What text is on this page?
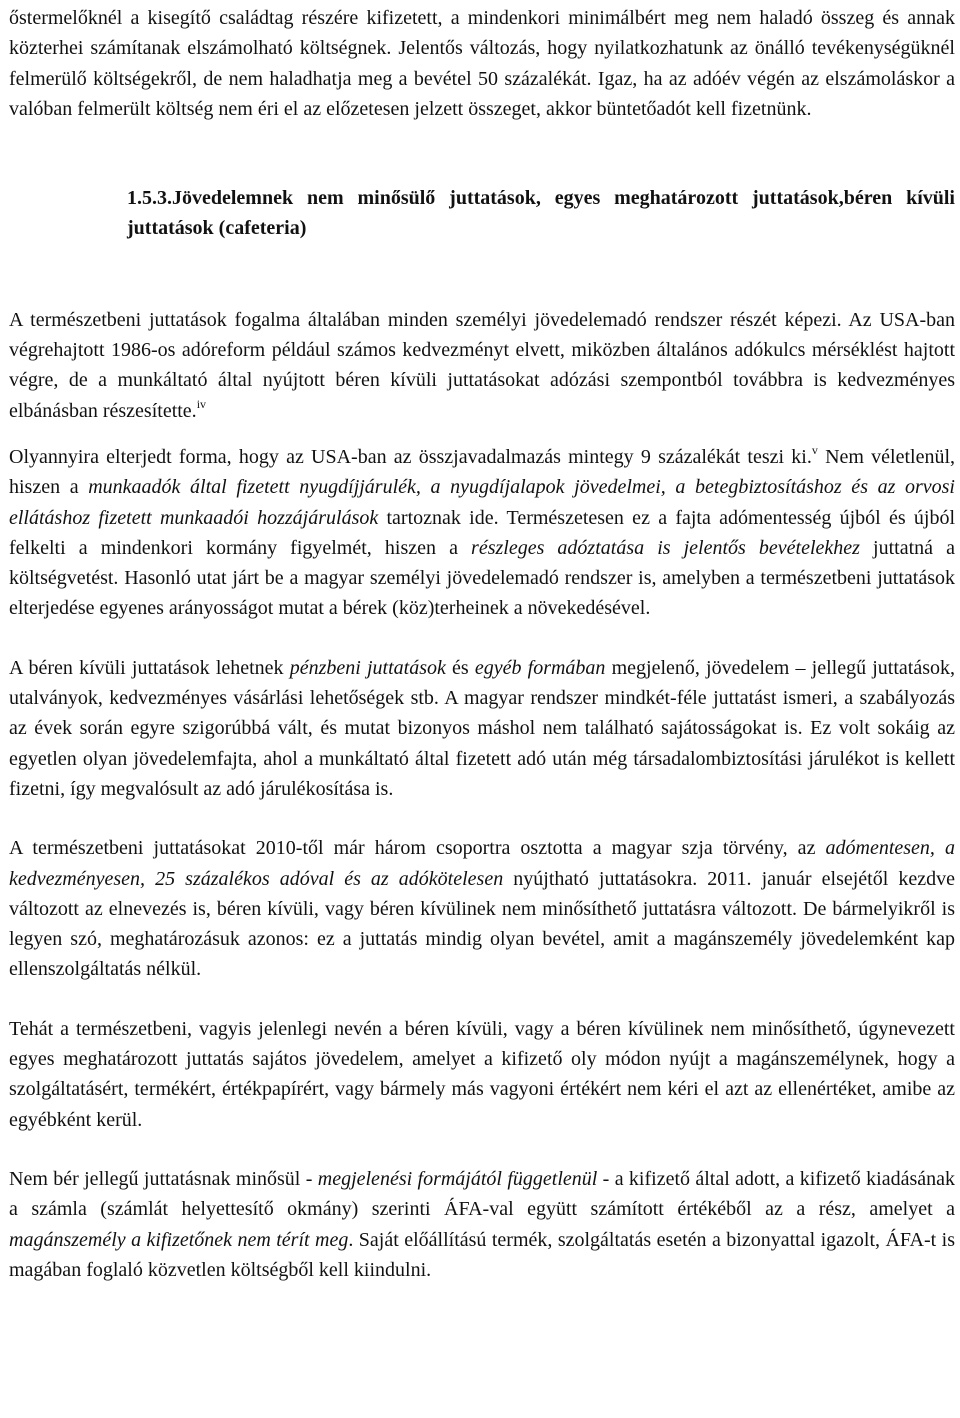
őstermelőknél a kisegítő családtag részére kifizetett, a mindenkori minimálbért meg nem haladó összeg és annak közterhei számítanak elszámolható költségnek. Jelentős változás, hogy nyilatkozhatunk az önálló tevékenységüknél felmerülő költségekről, de nem haladhatja meg a bevétel 50 százalékát. Igaz, ha az adóév végén az elszámoláskor a valóban felmerült költség nem éri el az előzetesen jelzett összeget, akkor büntetőadót kell fizetnünk.

1.5.3.Jövedelemnek nem minősülő juttatások, egyes meghatározott juttatások,béren kívüli juttatások (cafeteria)

A természetbeni juttatások fogalma általában minden személyi jövedelemadó rendszer részét képezi. Az USA-ban végrehajtott 1986-os adóreform például számos kedvezményt elvett, miközben általános adókulcs mérséklést hajtott végre, de a munkáltató által nyújtott béren kívüli juttatásokat adózási szempontból továbbra is kedvezményes elbánásban részesítette.$^{iv}$

Olyannyira elterjedt forma, hogy az USA-ban az összjavadalmazás mintegy 9 százalékát teszi ki.$^v$ Nem véletlenül, hiszen a munkaadók által fizetett nyugdíjjárulék, a nyugdíjalapok jövedelmei, a betegbiztosításhoz és az orvosi ellátáshoz fizetett munkaadói hozzájárulások tartoznak ide. Természetesen ez a fajta adómentesség újból és újból felkelti a mindenkori kormány figyelmét, hiszen a részleges adóztatása is jelentős bevételekhez juttatná a költségvetést. Hasonló utat járt be a magyar személyi jövedelemadó rendszer is, amelyben a természetbeni juttatások elterjedése egyenes arányosságot mutat a bérek (köz)terheinek a növekedésével.

A béren kívüli juttatások lehetnek pénzbeni juttatások és egyéb formában megjelenő, jövedelem – jellegű juttatások, utalványok, kedvezményes vásárlási lehetőségek stb. A magyar rendszer mindkét-féle juttatást ismeri, a szabályozás az évek során egyre szigorúbbá vált, és mutat bizonyos máshol nem található sajátosságokat is. Ez volt sokáig az egyetlen olyan jövedelemfajta, ahol a munkáltató által fizetett adó után még társadalombiztosítási járulékot is kellett fizetni, így megvalósult az adó járulékosítása is.

A természetbeni juttatásokat 2010-től már három csoportra osztotta a magyar szja törvény, az adómentesen, a kedvezményesen, 25 százalékos adóval és az adókötelesen nyújtható juttatásokra. 2011. január elsejétől kezdve változott az elnevezés is, béren kívüli, vagy béren kívülinek nem minősíthető juttatásra változott. De bármelyikről is legyen szó, meghatározásuk azonos: ez a juttatás mindig olyan bevétel, amit a magánszemély jövedelemként kap ellenszolgáltatás nélkül.

Tehát a természetbeni, vagyis jelenlegi nevén a béren kívüli, vagy a béren kívülinek nem minősíthető, úgynevezett egyes meghatározott juttatás sajátos jövedelem, amelyet a kifizető oly módon nyújt a magánszemélynek, hogy a szolgáltatásért, termékért, értékpapírért, vagy bármely más vagyoni értékért nem kéri el azt az ellenértéket, amibe az egyébként kerül.

Nem bér jellegű juttatásnak minősül - megjelenési formájától függetlenül - a kifizető által adott, a kifizető kiadásának a számla (számlát helyettesítő okmány) szerinti ÁFA-val együtt számított értékéből az a rész, amelyet a magánszemély a kifizetőnek nem térít meg. Saját előállítású termék, szolgáltatás esetén a bizonyattal igazolt, ÁFA-t is magában foglaló közvetlen költségből kell kiindulni.
